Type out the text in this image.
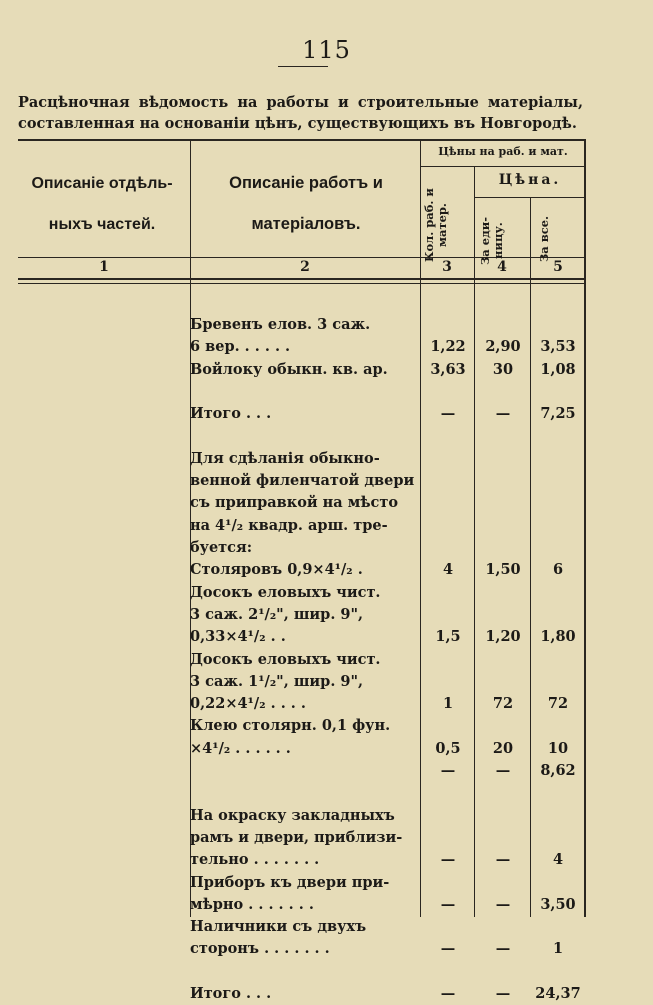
115
Расцѣночная вѣдомость на работы и строительные матеріалы,
составленная на основаніи цѣнъ, существующихъ въ Новгородѣ.
Описаніе отдѣль-
ныхъ частей.
Описаніе работъ и
матеріаловъ.
Цѣны на раб. и мат.
Цѣна.
Кол. раб. и матер.	За еди- ницу.	За все.
1	2	3	4	5
Бревенъ елов. 3 саж.
6 вер. . . . . .	1,22	2,90	3,53
Войлоку обыкн. кв. ар.	3,63	30	1,08
Итого . . .	—	—	7,25
Для сдѣланія обыкно-
венной филенчатой двери
съ приправкой на мѣсто
на 4¹/₂ квадр. арш. тре-
буется:
Столяровъ 0,9×4¹/₂ .	4	1,50	6
Досокъ еловыхъ чист.
3 саж. 2¹/₂", шир. 9",
0,33×4¹/₂ . .	1,5	1,20	1,80
Досокъ еловыхъ чист.
3 саж. 1¹/₂", шир. 9",
0,22×4¹/₂ . . . .	1	72	72
Клею столярн. 0,1 фун.
×4¹/₂ . . . . . .	0,5	20	10
—	—	8,62
На окраску закладныхъ
рамъ и двери, приблизи-
тельно . . . . . . .	—	—	4
Приборъ къ двери при-
мѣрно . . . . . . .	—	—	3,50
Наличники съ двухъ
сторонъ . . . . . . .	—	—	1
Итого . . .	—	—	24,37
